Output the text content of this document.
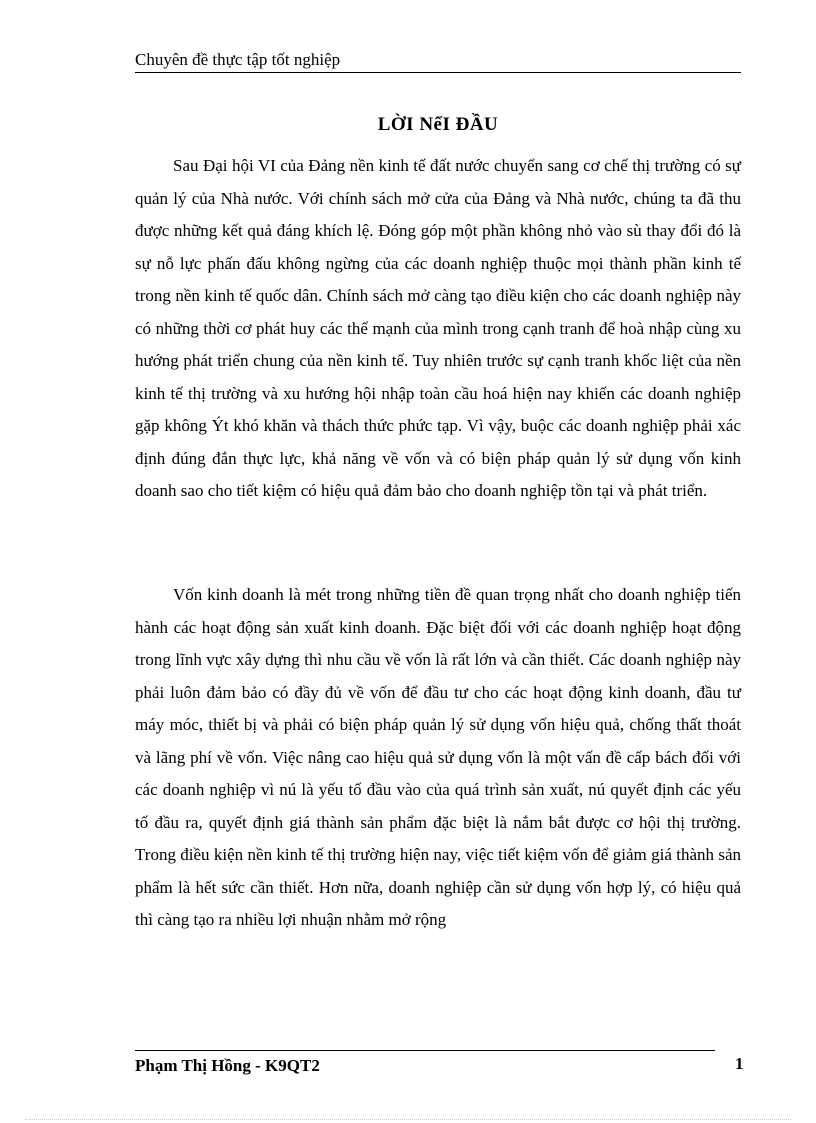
Chuyên đề thực tập tốt nghiệp
LỜI NểI ĐẦU

Sau Đại hội VI của Đảng nền kinh tế đất nước chuyển sang cơ chế thị trường có sự quản lý của Nhà nước. Với chính sách mở cửa của Đảng và Nhà nước, chúng ta đã thu được những kết quả đáng khích lệ. Đóng góp một phần không nhỏ vào sù thay đổi đó là sự nỗ lực phấn đấu không ngừng của các doanh nghiệp thuộc mọi thành phần kinh tế trong nền kinh tế quốc dân. Chính sách mở càng tạo điều kiện cho các doanh nghiệp này có những thời cơ phát huy các thế mạnh của mình trong cạnh tranh để hoà nhập cùng xu hướng phát triển chung của nền kinh tế. Tuy nhiên trước sự cạnh tranh khốc liệt của nền kinh tế thị trường và xu hướng hội nhập toàn cầu hoá hiện nay khiến các doanh nghiệp gặp không Ýt khó khăn và thách thức phức tạp. Vì vậy, buộc các doanh nghiệp phải xác định đúng đắn thực lực, khả năng về vốn và có biện pháp quản lý sử dụng vốn kinh doanh sao cho tiết kiệm có hiệu quả đảm bảo cho doanh nghiệp tồn tại và phát triển.

Vốn kinh doanh là mét trong những tiền đề quan trọng nhất cho doanh nghiệp tiến hành các hoạt động sản xuất kinh doanh. Đặc biệt đối với các doanh nghiệp hoạt động trong lĩnh vực xây dựng thì nhu cầu về vốn là rất lớn và cần thiết. Các doanh nghiệp này phải luôn đảm bảo có đầy đủ về vốn để đầu tư cho các hoạt động kinh doanh, đầu tư máy móc, thiết bị và phải có biện pháp quản lý sử dụng vốn hiệu quả, chống thất thoát và lãng phí về vốn. Việc nâng cao hiệu quả sử dụng vốn là một vấn đề cấp bách đối với các doanh nghiệp vì nú là yếu tố đầu vào của quá trình sản xuất, nú quyết định các yếu tố đầu ra, quyết định giá thành sản phẩm đặc biệt là nắm bắt được cơ hội thị trường. Trong điều kiện nền kinh tế thị trường hiện nay, việc tiết kiệm vốn để giảm giá thành sản phẩm là hết sức cần thiết. Hơn nữa, doanh nghiệp cần sử dụng vốn hợp lý, có hiệu quả thì càng tạo ra nhiều lợi nhuận nhằm mở rộng

Phạm Thị Hồng - K9QT2	1
